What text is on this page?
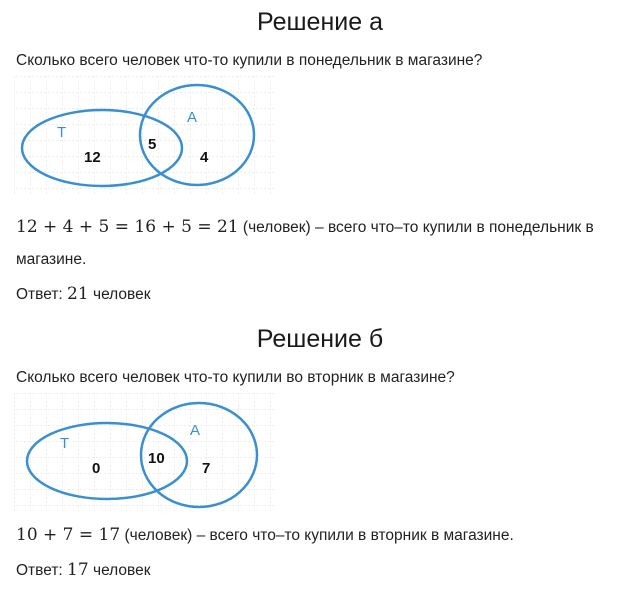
Решение а
Сколько всего человек что-то купили в понедельник в магазине?
Т
А
12
5
4
12 + 4 + 5 = 16 + 5 = 21 (человек) – всего что–то купили в понедельник в
магазине.
Ответ: 21 человек
Решение б
Сколько всего человек что-то купили во вторник в магазине?
Т
А
0
10
7
10 + 7 = 17 (человек) – всего что–то купили в вторник в магазине.
Ответ: 17 человек
